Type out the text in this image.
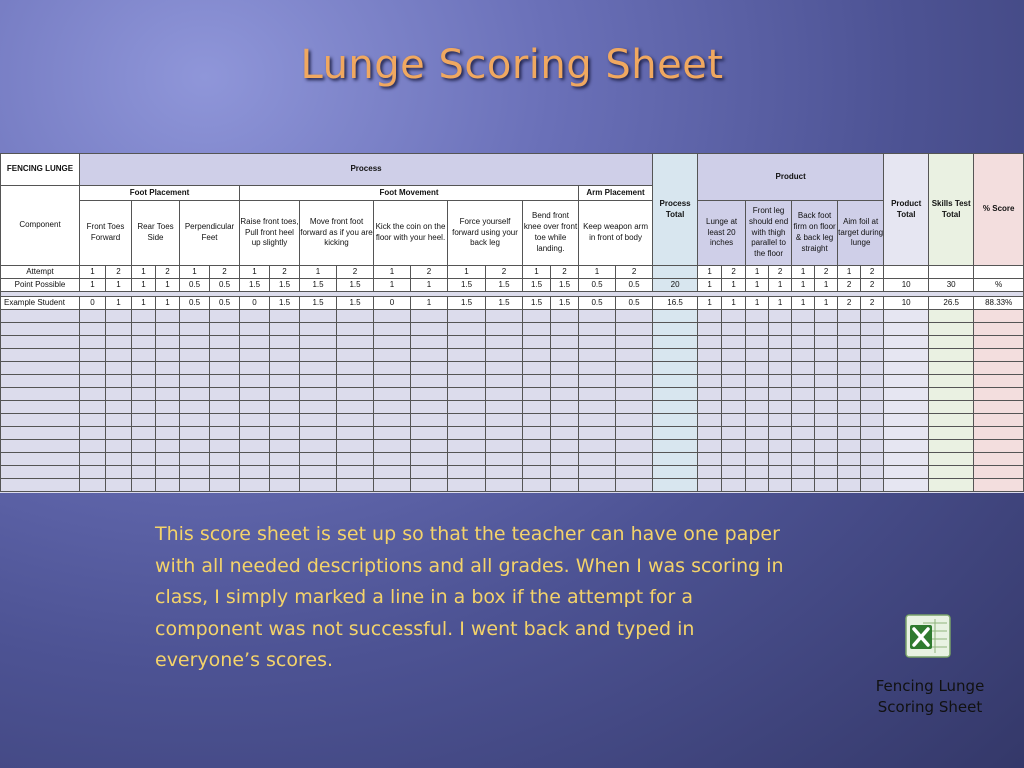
Lunge Scoring Sheet
FENCING LUNGE	Process																		Process Total	Product								Product Total	Skills Test Total	% Score
Component	Foot Placement						Foot Movement										Arm Placement													
	Front Toes Forward		Rear Toes Side		Perpendicular Feet		Raise front toes, Pull front heel up slightly		Move front foot forward as if you are kicking		Kick the coin on the floor with your heel.		Force yourself forward using your back leg		Bend front knee over front toe while landing.		Keep weapon arm in front of body			Lunge at least 20 inches		Front leg should end with thigh parallel to the floor		Back foot firm on floor & back leg straight		Aim foil at target during lunge				
Attempt	1	2	1	2	1	2	1	2	1	2	1	2	1	2	1	2	1	2		1	2	1	2	1	2	1	2			
Point Possible	1	1	1	1	0.5	0.5	1.5	1.5	1.5	1.5	1	1	1.5	1.5	1.5	1.5	0.5	0.5	20	1	1	1	1	1	1	2	2	10	30	%

Example Student	0	1	1	1	0.5	0.5	0	1.5	1.5	1.5	0	1	1.5	1.5	1.5	1.5	0.5	0.5	16.5	1	1	1	1	1	1	2	2	10	26.5	88.33%

This score sheet is set up so that the teacher can have one paper with all needed descriptions and all grades. When I was scoring in class, I simply marked a line in a box if the attempt for a component was not successful. I went back and typed in everyone’s scores.
Fencing Lunge
Scoring Sheet
